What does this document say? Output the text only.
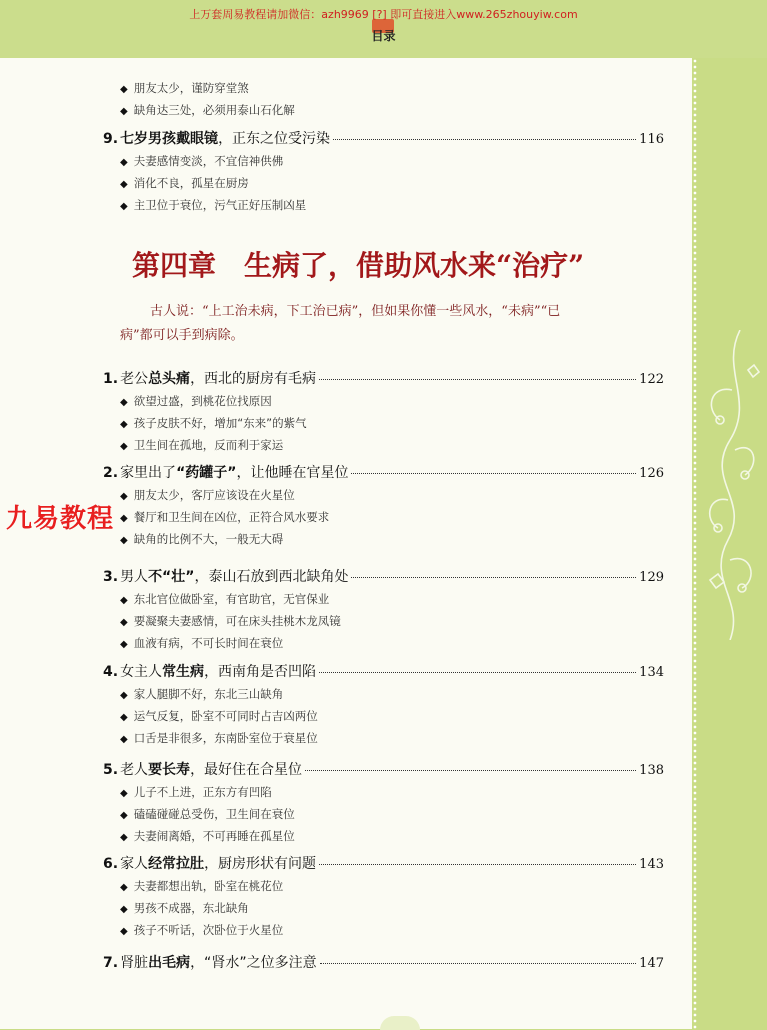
上万套周易教程请加微信：azh9969 [?] 即可直接进入www.265zhouyiw.com
目录
◆ 朋友太少，谨防穿堂煞
◆ 缺角达三处，必须用泰山石化解
9. 七岁男孩戴眼镜，正东之位受污染	116
◆ 夫妻感情变淡，不宜信神供佛
◆ 消化不良，孤星在厨房
◆ 主卫位于衰位，污气正好压制凶星
1. 老公总头痛，西北的厨房有毛病	122
◆ 欲望过盛，到桃花位找原因
◆ 孩子皮肤不好，增加“东来”的紫气
◆ 卫生间在孤地，反而利于家运
2. 家里出了“药罐子”，让他睡在官星位	126
◆ 朋友太少，客厅应该设在火星位
◆ 餐厅和卫生间在凶位，正符合风水要求
◆ 缺角的比例不大，一般无大碍
3. 男人不“壮”，泰山石放到西北缺角处	129
◆ 东北官位做卧室，有官助官，无官保业
◆ 要凝聚夫妻感情，可在床头挂桃木龙凤镜
◆ 血液有病，不可长时间在衰位
4. 女主人常生病，西南角是否凹陷	134
◆ 家人腿脚不好，东北三山缺角
◆ 运气反复，卧室不可同时占吉凶两位
◆ 口舌是非很多，东南卧室位于衰星位
5. 老人要长寿，最好住在合星位	138
◆ 儿子不上进，正东方有凹陷
◆ 磕磕碰碰总受伤，卫生间在衰位
◆ 夫妻闹离婚，不可再睡在孤星位
6. 家人经常拉肚，厨房形状有问题	143
◆ 夫妻都想出轨，卧室在桃花位
◆ 男孩不成器，东北缺角
◆ 孩子不听话，次卧位于火星位
7. 肾脏出毛病，“肾水”之位多注意	147
第四章 生病了，借助风水来“治疗”
古人说：“上工治未病，下工治已病”，但如果你懂一些风水，“未病”“已
病”都可以手到病除。
九易教程
